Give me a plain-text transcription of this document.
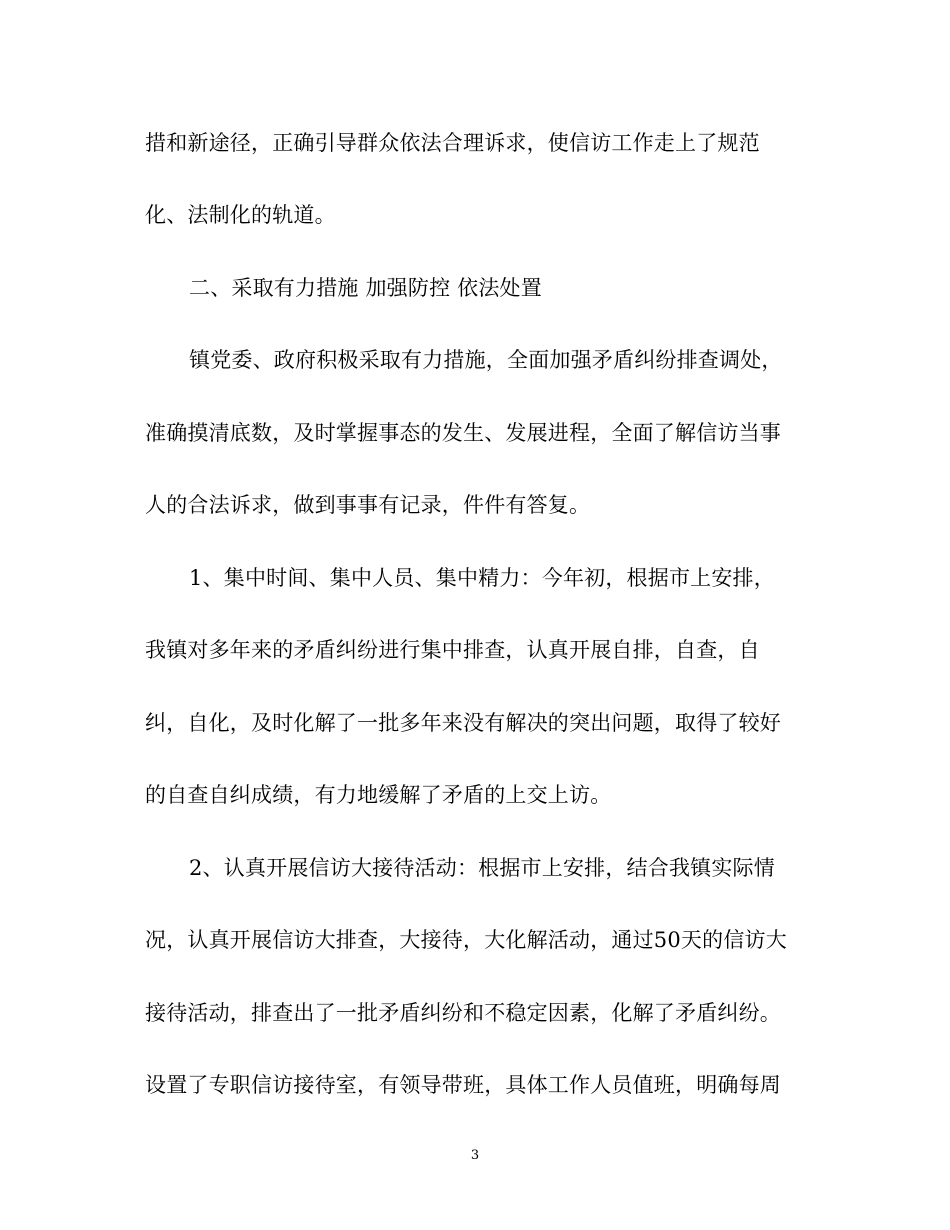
措和新途径，正确引导群众依法合理诉求，使信访工作走上了规范
化、法制化的轨道。
二、采取有力措施 加强防控 依法处置
镇党委、政府积极采取有力措施，全面加强矛盾纠纷排查调处，
准确摸清底数，及时掌握事态的发生、发展进程，全面了解信访当事
人的合法诉求，做到事事有记录，件件有答复。
1、集中时间、集中人员、集中精力：今年初，根据市上安排，
我镇对多年来的矛盾纠纷进行集中排查，认真开展自排，自查，自
纠，自化，及时化解了一批多年来没有解决的突出问题，取得了较好
的自查自纠成绩，有力地缓解了矛盾的上交上访。
2、认真开展信访大接待活动：根据市上安排，结合我镇实际情
况，认真开展信访大排查，大接待，大化解活动，通过50天的信访大
接待活动，排查出了一批矛盾纠纷和不稳定因素，化解了矛盾纠纷。
设置了专职信访接待室，有领导带班，具体工作人员值班，明确每周
3
